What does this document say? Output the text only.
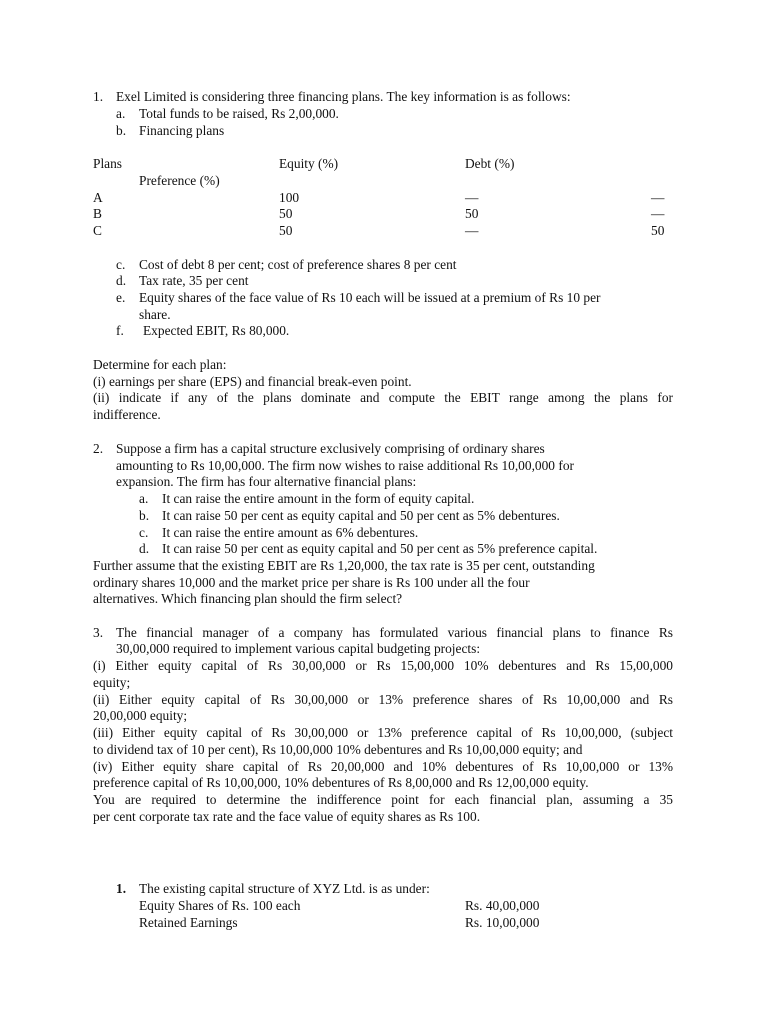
1. Exel Limited is considering three financing plans. The key information is as follows:
a. Total funds to be raised, Rs 2,00,000.
b. Financing plans
Plans	Equity (%)	Debt (%)
Preference (%)
A	100	—	—
B	50	50	—
C	50	—	50
c. Cost of debt 8 per cent; cost of preference shares 8 per cent
d. Tax rate, 35 per cent
e. Equity shares of the face value of Rs 10 each will be issued at a premium of Rs 10 per
share.
f. Expected EBIT, Rs 80,000.
Determine for each plan:
(i) earnings per share (EPS) and financial break-even point.
(ii) indicate if any of the plans dominate and compute the EBIT range among the plans for
indifference.
2. Suppose a firm has a capital structure exclusively comprising of ordinary shares
amounting to Rs 10,00,000. The firm now wishes to raise additional Rs 10,00,000 for
expansion. The firm has four alternative financial plans:
a. It can raise the entire amount in the form of equity capital.
b. It can raise 50 per cent as equity capital and 50 per cent as 5% debentures.
c. It can raise the entire amount as 6% debentures.
d. It can raise 50 per cent as equity capital and 50 per cent as 5% preference capital.
Further assume that the existing EBIT are Rs 1,20,000, the tax rate is 35 per cent, outstanding
ordinary shares 10,000 and the market price per share is Rs 100 under all the four
alternatives. Which financing plan should the firm select?
3. The financial manager of a company has formulated various financial plans to finance Rs
30,00,000 required to implement various capital budgeting projects:
(i) Either equity capital of Rs 30,00,000 or Rs 15,00,000 10% debentures and Rs 15,00,000
equity;
(ii) Either equity capital of Rs 30,00,000 or 13% preference shares of Rs 10,00,000 and Rs
20,00,000 equity;
(iii) Either equity capital of Rs 30,00,000 or 13% preference capital of Rs 10,00,000, (subject
to dividend tax of 10 per cent), Rs 10,00,000 10% debentures and Rs 10,00,000 equity; and
(iv) Either equity share capital of Rs 20,00,000 and 10% debentures of Rs 10,00,000 or 13%
preference capital of Rs 10,00,000, 10% debentures of Rs 8,00,000 and Rs 12,00,000 equity.
You are required to determine the indifference point for each financial plan, assuming a 35
per cent corporate tax rate and the face value of equity shares as Rs 100.
1. The existing capital structure of XYZ Ltd. is as under:
Equity Shares of Rs. 100 each	Rs. 40,00,000
Retained Earnings	Rs. 10,00,000
